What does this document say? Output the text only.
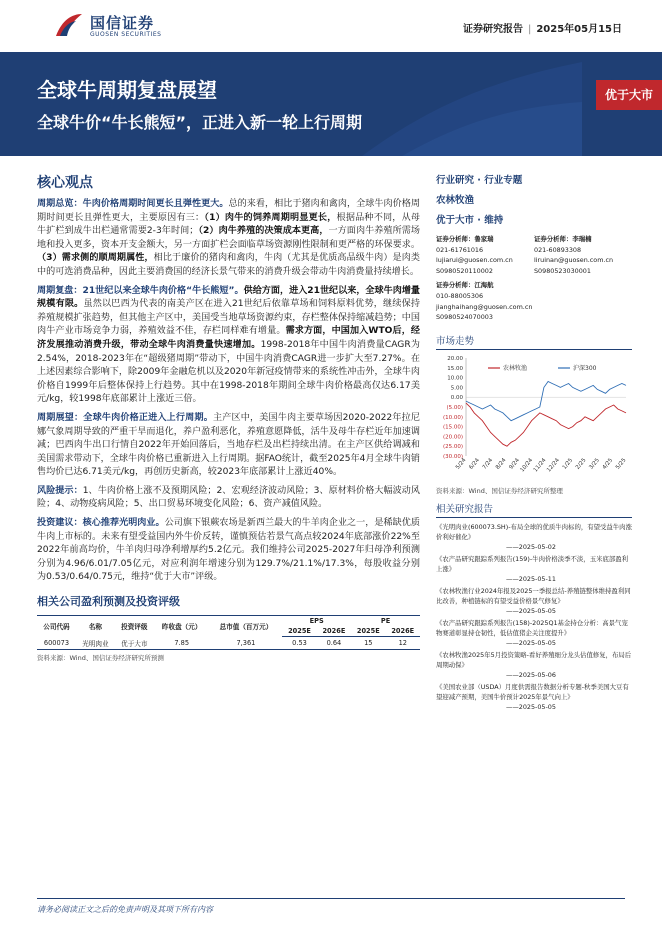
国信证券
GUOSEN SECURITIES	证券研究报告 | 2025年05月15日
全球牛周期复盘展望
全球牛价“牛长熊短”，正进入新一轮上行周期
优于大市
核心观点

周期总览：牛肉价格周期时间更长且弹性更大。总的来看，相比于猪肉和禽肉，全球牛肉价格周期时间更长且弹性更大，主要原因有三：（1）肉牛的饲养周期明显更长，根据品种不同，从母牛扩栏到成牛出栏通常需要2-3年时间；（2）肉牛养殖的决策成本更高，一方面肉牛养殖所需场地和投入更多，资本开支金额大，另一方面扩栏会面临草场资源刚性限制和更严格的环保要求。（3）需求侧的顺周期属性，相比于廉价的猪肉和禽肉，牛肉（尤其是优质高品级牛肉）是肉类中的可选消费品种，因此主要消费国的经济长景气带来的消费升级会带动牛肉消费量持续增长。

周期复盘：21世纪以来全球牛肉价格“牛长熊短”。供给方面，进入21世纪以来，全球牛肉增量规模有限。虽然以巴西为代表的南美产区在进入21世纪后依靠草场和饲料原料优势，继续保持养殖规模扩张趋势，但其他主产区中，美国受当地草场资源约束，存栏整体保持缩减趋势；中国肉牛产业市场竞争力弱，养殖效益不佳，存栏同样难有增量。需求方面，中国加入WTO后，经济发展推动消费升级，带动全球牛肉消费量快速增加。1998-2018年中国牛肉消费量CAGR为2.54%，2018-2023年在“超级猪周期”带动下，中国牛肉消费CAGR进一步扩大至7.27%。在上述因素综合影响下，除2009年金融危机以及2020年新冠疫情带来的系统性冲击外，全球牛肉价格自1999年后整体保持上行趋势。其中在1998-2018年期间全球牛肉价格最高仅达6.17美元/kg，较1998年底部累计上涨近三倍。

周期展望：全球牛肉价格正进入上行周期。主产区中，美国牛肉主要草场因2020-2022年拉尼娜气象周期导致的严重干旱而退化，养户盈利恶化，养殖意愿降低，活牛及母牛存栏近年加速调减；巴西肉牛出口行情自2022年开始回落后，当地存栏及出栏持续出清。在主产区供给调减和美国需求带动下，全球牛肉价格已重新进入上行周期。据FAO统计，截至2025年4月全球牛肉销售均价已达6.71美元/kg，再创历史新高，较2023年底部累计上涨近40%。

风险提示：1、牛肉价格上涨不及预期风险；2、宏观经济波动风险；3、原材料价格大幅波动风险；4、动物疫病风险；5、出口贸易环境变化风险；6、资产减值风险。

投资建议：核心推荐光明肉业。公司旗下银蕨农场是新西兰最大的牛羊肉企业之一，是稀缺优质牛肉上市标的。未来有望受益国内外牛价反转，谨慎预估若景气高点较2024年底部涨价22%至2022年前高均价，牛羊肉归母净利增厚约5.2亿元。我们维持公司2025-2027年归母净利预测分别为4.96/6.01/7.05亿元，对应利润年增速分别为129.7%/21.1%/17.3%，每股收益分别为0.53/0.64/0.75元，维持“优于大市”评级。

相关公司盈利预测及投资评级
公司代码	名称	投资评级	昨收盘（元）	总市值（百万元）	EPS		PE	
					2025E	2026E	2025E	2026E
600073	光明肉业	优于大市	7.85	7,361	0.53	0.64	15	12
资料来源：Wind、国信证券经济研究所预测
行业研究 · 行业专题
农林牧渔
优于大市 · 维持
证券分析师：鲁家瑞
021-61761016
lujiarui@guosen.com.cn
S0980520110002
证券分析师：李瑞楠
021-60893308
liruinan@guosen.com.cn
S0980523030001
证券分析师：江海航
010-88005306
jianghaihang@guosen.com.cn
S0980524070003
市场走势
20.00
15.00
10.00
5.00
0.00
(5.00)
(10.00)
(15.00)
(20.00)
(25.00)
(30.00)
5/24 6/24 7/24 8/24 9/24
10/24
11/24
12/24 1/25 2/25 3/25 4/25 5/25
农林牧渔	沪深300
资料来源：Wind、国信证券经济研究所整理
相关研究报告
《光明肉业(600073.SH)-布局全球的优质牛肉标的，有望受益牛肉涨价利好催化》
——2025-05-02
《农产品研究跟踪系列报告(159)-牛肉价格淡季不淡，玉米底部盈利上涨》
——2025-05-11
《农林牧渔行业2024年报及2025一季报总结-养殖链整体维持盈利同比改善，种植链标的有望受益价格景气修复》
——2025-05-05
《农产品研究跟踪系列报告(158)-2025Q1基金持仓分析：高景气宠物赛道彰显持仓韧性，低估值猪企关注度提升》
——2025-05-05
《农林牧渔2025年5月投资策略-看好养殖细分龙头估值修复，布局后周期动保》
——2025-05-06
《美国农业部（USDA）月度供需报告数据分析专题-秋季美国大豆有望迎减产预期，美国牛价预计2025年景气向上》
——2025-05-05
请务必阅读正文之后的免责声明及其项下所有内容
